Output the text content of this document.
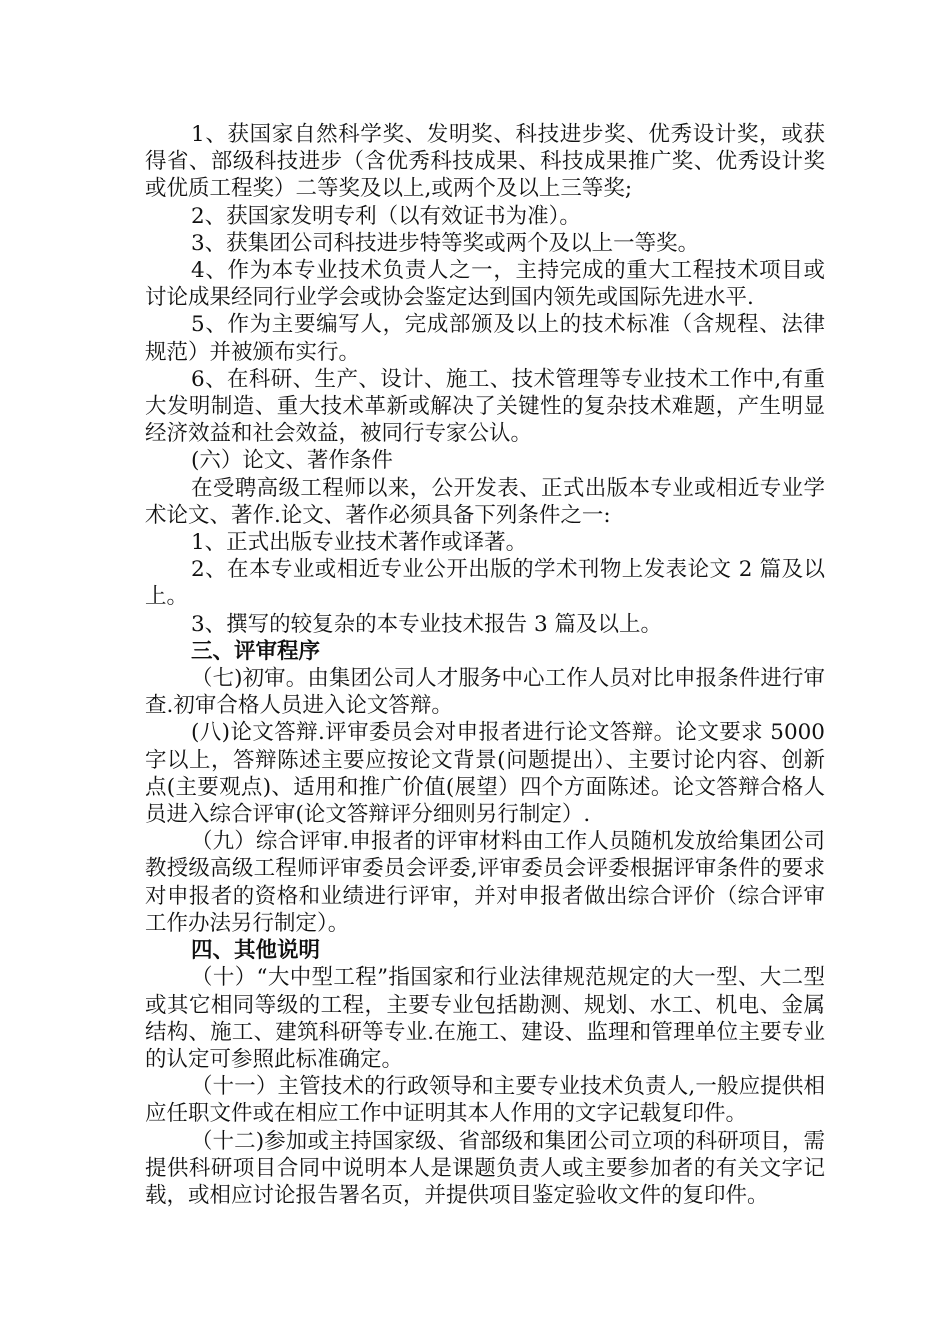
1、获国家自然科学奖、发明奖、科技进步奖、优秀设计奖，或获得省、部级科技进步（含优秀科技成果、科技成果推广奖、优秀设计奖或优质工程奖）二等奖及以上,或两个及以上三等奖;

2、获国家发明专利（以有效证书为准）。

3、获集团公司科技进步特等奖或两个及以上一等奖。

4、作为本专业技术负责人之一，主持完成的重大工程技术项目或讨论成果经同行业学会或协会鉴定达到国内领先或国际先进水平.

5、作为主要编写人，完成部颁及以上的技术标准（含规程、法律规范）并被颁布实行。

6、在科研、生产、设计、施工、技术管理等专业技术工作中,有重大发明制造、重大技术革新或解决了关键性的复杂技术难题，产生明显经济效益和社会效益，被同行专家公认。

(六）论文、著作条件

在受聘高级工程师以来，公开发表、正式出版本专业或相近专业学术论文、著作.论文、著作必须具备下列条件之一:

1、正式出版专业技术著作或译著。

2、在本专业或相近专业公开出版的学术刊物上发表论文 2 篇及以上。

3、撰写的较复杂的本专业技术报告 3 篇及以上。

三、评审程序

（七)初审。由集团公司人才服务中心工作人员对比申报条件进行审查.初审合格人员进入论文答辩。

(八)论文答辩.评审委员会对申报者进行论文答辩。论文要求 5000 字以上，答辩陈述主要应按论文背景(问题提出）、主要讨论内容、创新点(主要观点)、适用和推广价值(展望）四个方面陈述。论文答辩合格人员进入综合评审(论文答辩评分细则另行制定）.

（九）综合评审.申报者的评审材料由工作人员随机发放给集团公司教授级高级工程师评审委员会评委,评审委员会评委根据评审条件的要求对申报者的资格和业绩进行评审，并对申报者做出综合评价（综合评审工作办法另行制定）。

四、其他说明

（十）“大中型工程”指国家和行业法律规范规定的大一型、大二型或其它相同等级的工程，主要专业包括勘测、规划、水工、机电、金属结构、施工、建筑科研等专业.在施工、建设、监理和管理单位主要专业的认定可参照此标准确定。

（十一）主管技术的行政领导和主要专业技术负责人,一般应提供相应任职文件或在相应工作中证明其本人作用的文字记载复印件。

（十二)参加或主持国家级、省部级和集团公司立项的科研项目，需提供科研项目合同中说明本人是课题负责人或主要参加者的有关文字记载，或相应讨论报告署名页，并提供项目鉴定验收文件的复印件。
